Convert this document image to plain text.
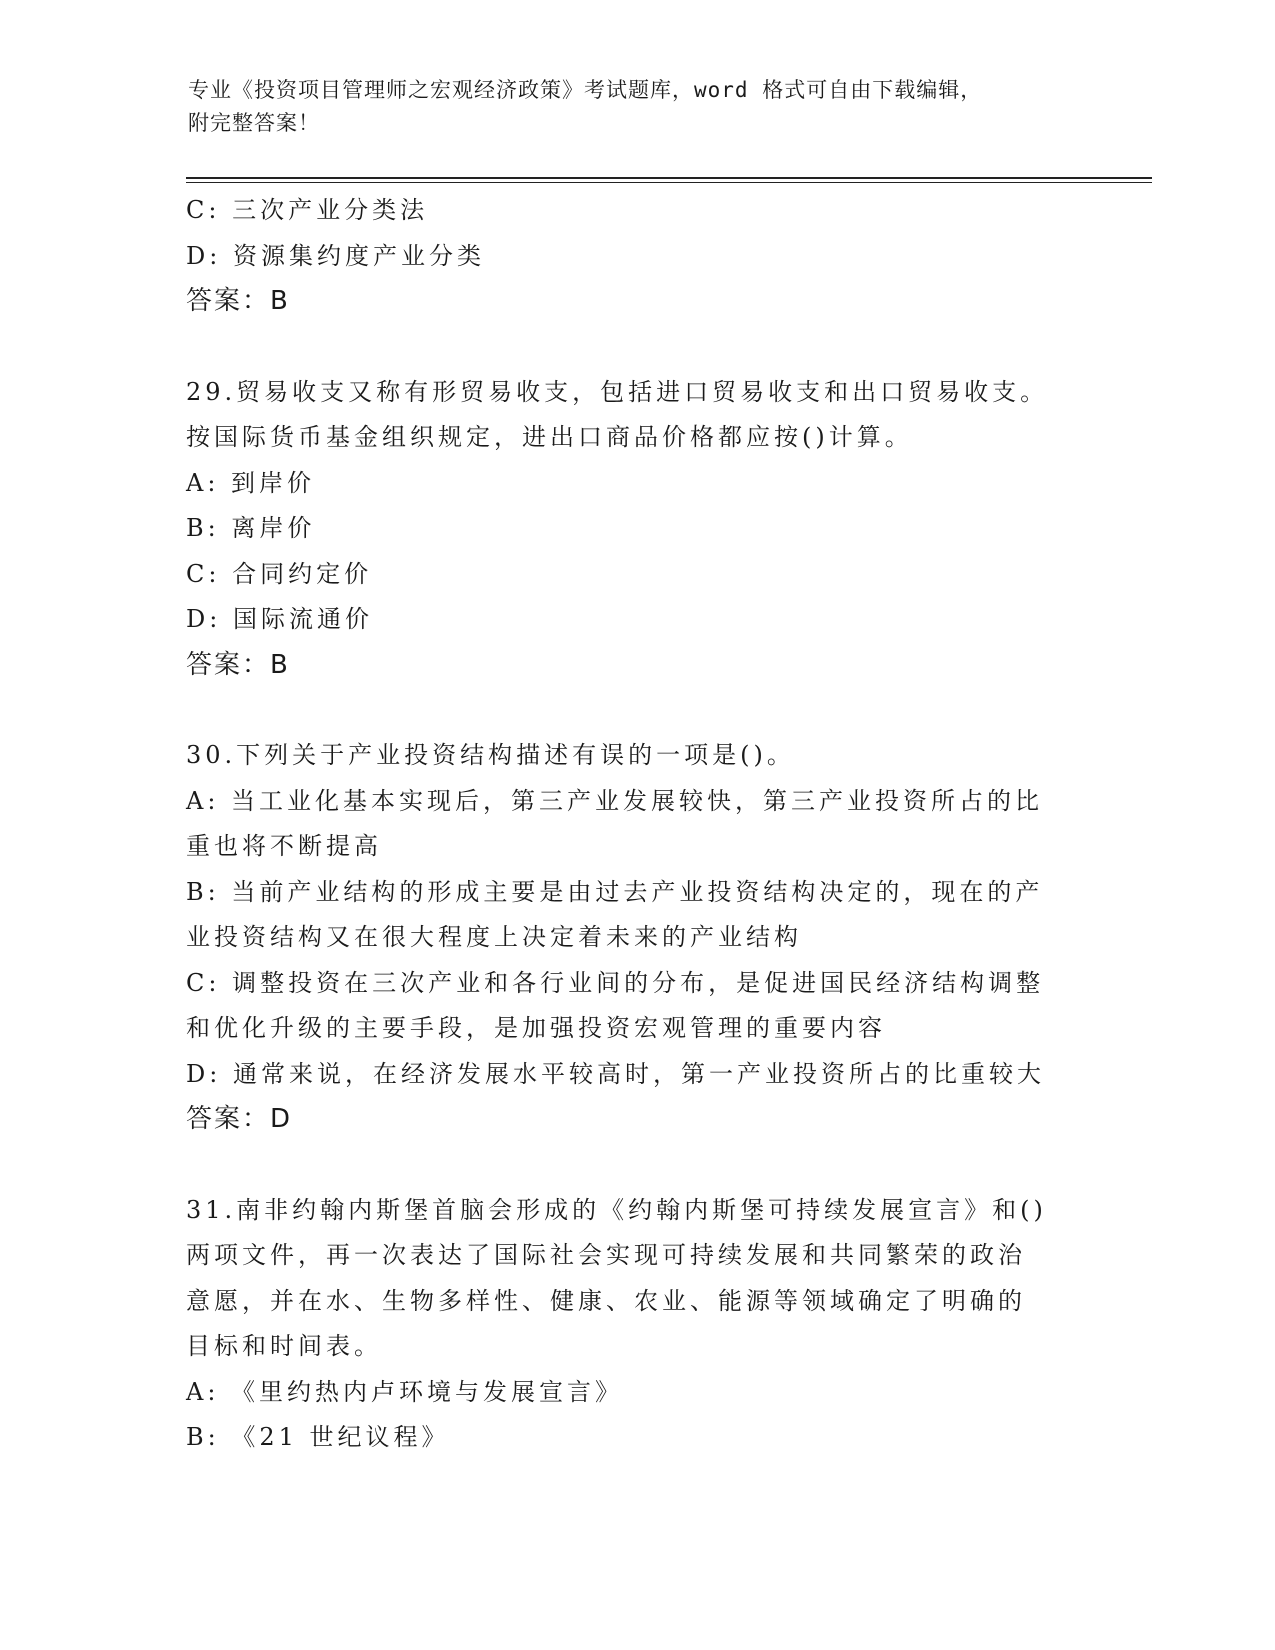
专业《投资项目管理师之宏观经济政策》考试题库，word 格式可自由下载编辑，
附完整答案！
C: 三次产业分类法
D: 资源集约度产业分类
答案：B
29.贸易收支又称有形贸易收支，包括进口贸易收支和出口贸易收支。
按国际货币基金组织规定，进出口商品价格都应按()计算。
A: 到岸价
B: 离岸价
C: 合同约定价
D: 国际流通价
答案：B
30.下列关于产业投资结构描述有误的一项是()。
A: 当工业化基本实现后，第三产业发展较快，第三产业投资所占的比
重也将不断提高
B: 当前产业结构的形成主要是由过去产业投资结构决定的，现在的产
业投资结构又在很大程度上决定着未来的产业结构
C: 调整投资在三次产业和各行业间的分布，是促进国民经济结构调整
和优化升级的主要手段，是加强投资宏观管理的重要内容
D: 通常来说，在经济发展水平较高时，第一产业投资所占的比重较大
答案：D
31.南非约翰内斯堡首脑会形成的《约翰内斯堡可持续发展宣言》和()
两项文件，再一次表达了国际社会实现可持续发展和共同繁荣的政治
意愿，并在水、生物多样性、健康、农业、能源等领域确定了明确的
目标和时间表。
A: 《里约热内卢环境与发展宣言》
B: 《21 世纪议程》
